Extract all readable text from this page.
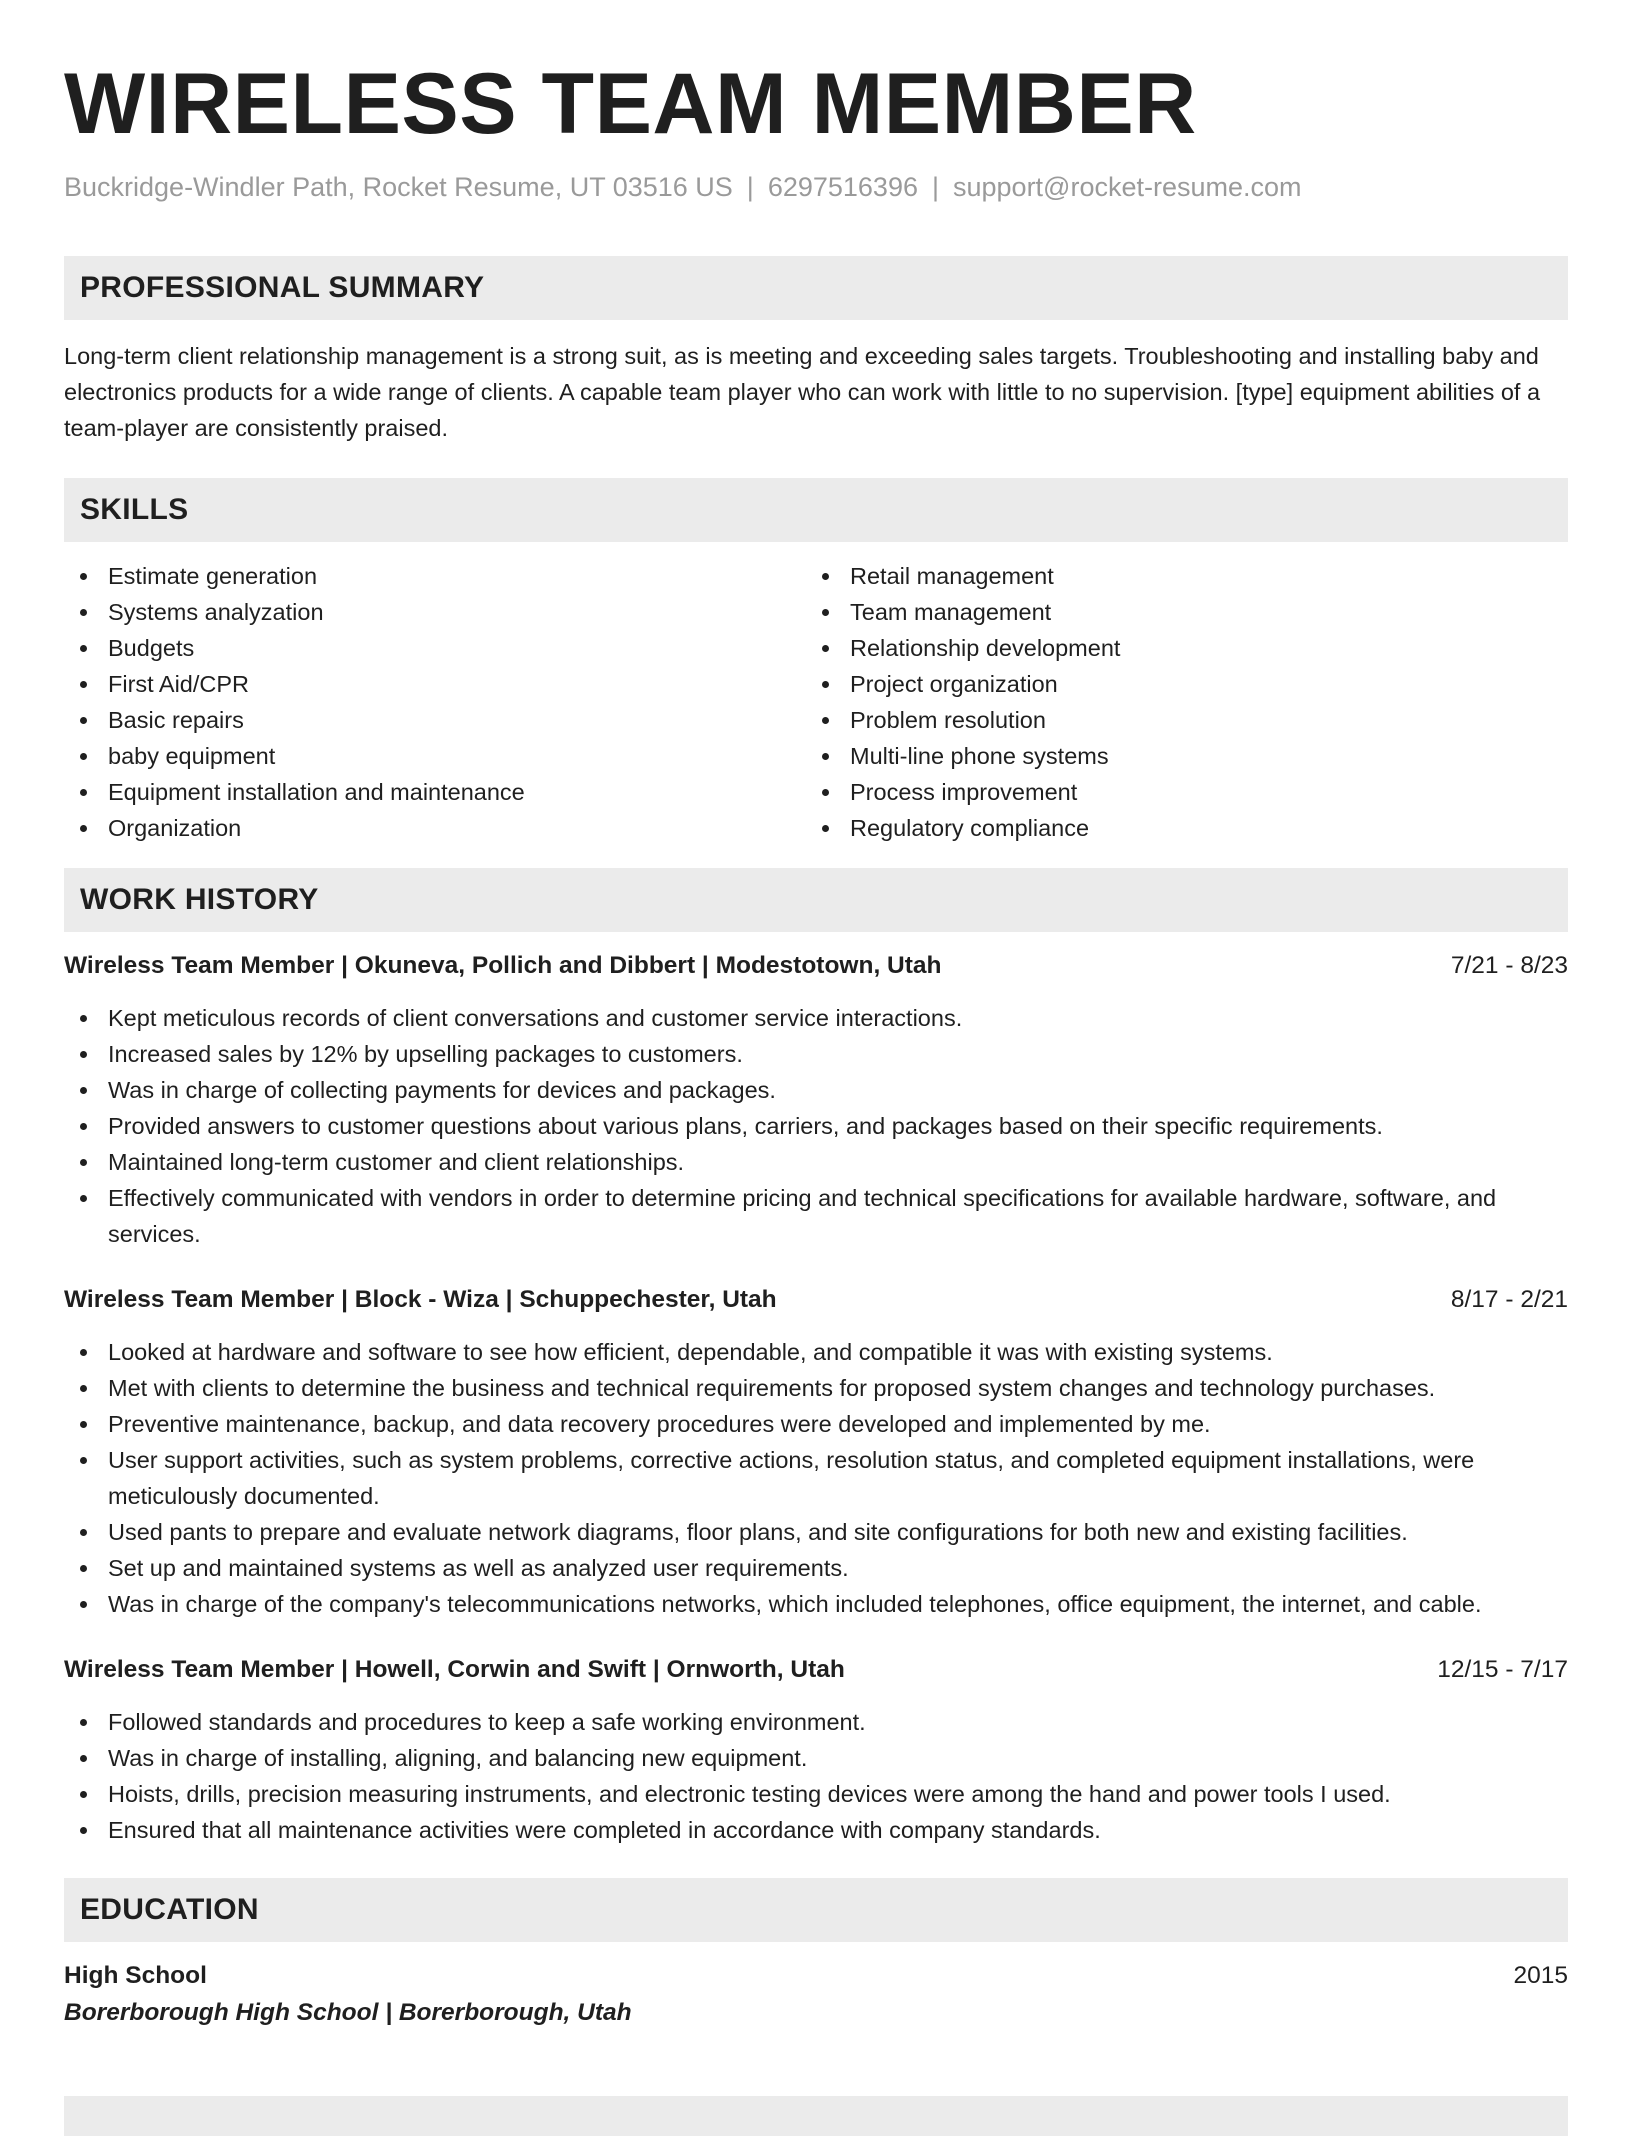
WIRELESS TEAM MEMBER
Buckridge-Windler Path, Rocket Resume, UT 03516 US | 6297516396 | support@rocket-resume.com
PROFESSIONAL SUMMARY
Long-term client relationship management is a strong suit, as is meeting and exceeding sales targets. Troubleshooting and installing baby and electronics products for a wide range of clients. A capable team player who can work with little to no supervision. [type] equipment abilities of a team-player are consistently praised.
SKILLS
Estimate generation
Systems analyzation
Budgets
First Aid/CPR
Basic repairs
baby equipment
Equipment installation and maintenance
Organization
Retail management
Team management
Relationship development
Project organization
Problem resolution
Multi-line phone systems
Process improvement
Regulatory compliance
WORK HISTORY
Wireless Team Member | Okuneva, Pollich and Dibbert | Modestotown, Utah	7/21 - 8/23
Kept meticulous records of client conversations and customer service interactions.
Increased sales by 12% by upselling packages to customers.
Was in charge of collecting payments for devices and packages.
Provided answers to customer questions about various plans, carriers, and packages based on their specific requirements.
Maintained long-term customer and client relationships.
Effectively communicated with vendors in order to determine pricing and technical specifications for available hardware, software, and services.
Wireless Team Member | Block - Wiza | Schuppechester, Utah	8/17 - 2/21
Looked at hardware and software to see how efficient, dependable, and compatible it was with existing systems.
Met with clients to determine the business and technical requirements for proposed system changes and technology purchases.
Preventive maintenance, backup, and data recovery procedures were developed and implemented by me.
User support activities, such as system problems, corrective actions, resolution status, and completed equipment installations, were meticulously documented.
Used pants to prepare and evaluate network diagrams, floor plans, and site configurations for both new and existing facilities.
Set up and maintained systems as well as analyzed user requirements.
Was in charge of the company's telecommunications networks, which included telephones, office equipment, the internet, and cable.
Wireless Team Member | Howell, Corwin and Swift | Ornworth, Utah	12/15 - 7/17
Followed standards and procedures to keep a safe working environment.
Was in charge of installing, aligning, and balancing new equipment.
Hoists, drills, precision measuring instruments, and electronic testing devices were among the hand and power tools I used.
Ensured that all maintenance activities were completed in accordance with company standards.
EDUCATION
High School	2015
Borerborough High School | Borerborough, Utah
